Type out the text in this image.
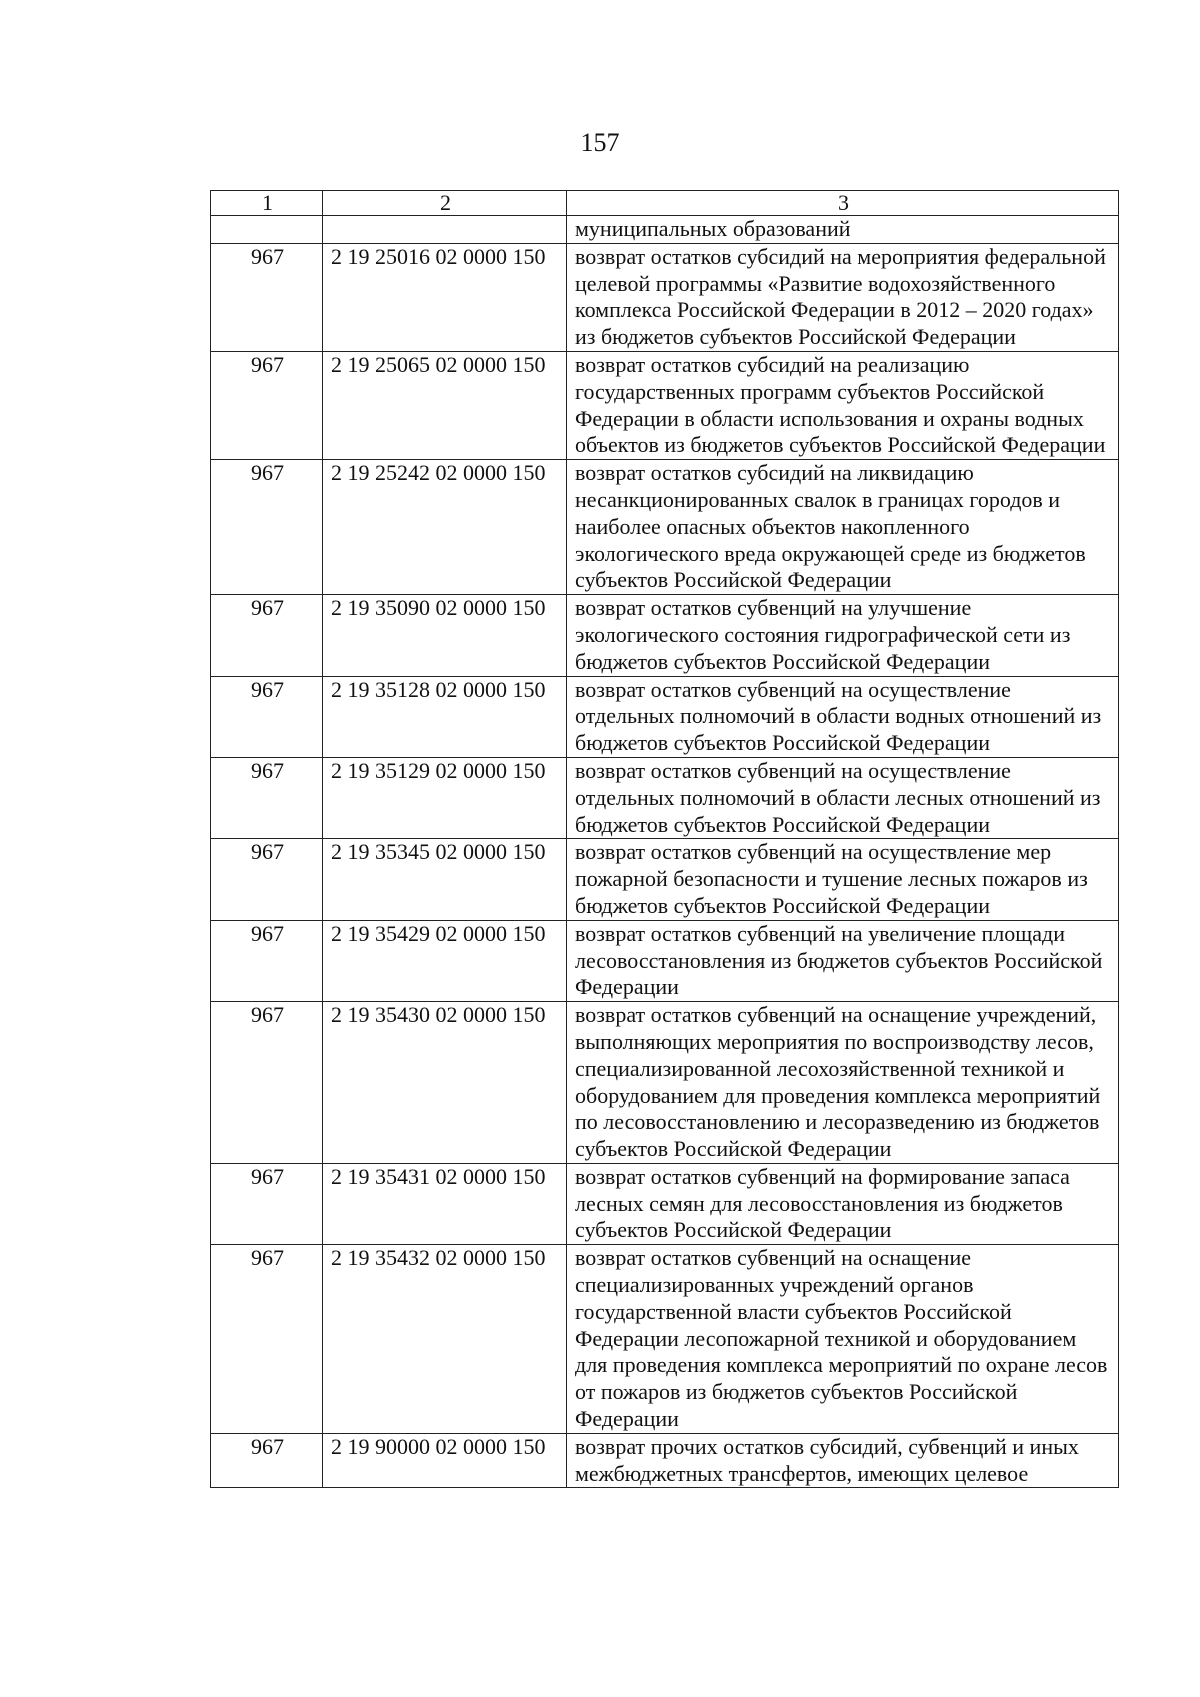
157
1	2	3
		муниципальных образований
967	2 19 25016 02 0000 150	возврат остатков субсидий на мероприятия федеральной целевой программы «Развитие водохозяйственного комплекса Российской Федерации в 2012 – 2020 годах» из бюджетов субъектов Российской Федерации
967	2 19 25065 02 0000 150	возврат остатков субсидий на реализацию государственных программ субъектов Российской Федерации в области использования и охраны водных объектов из бюджетов субъектов Российской Федерации
967	2 19 25242 02 0000 150	возврат остатков субсидий на ликвидацию несанкционированных свалок в границах городов и наиболее опасных объектов накопленного экологического вреда окружающей среде из бюджетов субъектов Российской Федерации
967	2 19 35090 02 0000 150	возврат остатков субвенций на улучшение экологического состояния гидрографической сети из бюджетов субъектов Российской Федерации
967	2 19 35128 02 0000 150	возврат остатков субвенций на осуществление отдельных полномочий в области водных отношений из бюджетов субъектов Российской Федерации
967	2 19 35129 02 0000 150	возврат остатков субвенций на осуществление отдельных полномочий в области лесных отношений из бюджетов субъектов Российской Федерации
967	2 19 35345 02 0000 150	возврат остатков субвенций на осуществление мер пожарной безопасности и тушение лесных пожаров из бюджетов субъектов Российской Федерации
967	2 19 35429 02 0000 150	возврат остатков субвенций на увеличение площади лесовосстановления из бюджетов субъектов Российской Федерации
967	2 19 35430 02 0000 150	возврат остатков субвенций на оснащение учреждений, выполняющих мероприятия по воспроизводству лесов, специализированной лесохозяйственной техникой и оборудованием для проведения комплекса мероприятий по лесовосстановлению и лесоразведению из бюджетов субъектов Российской Федерации
967	2 19 35431 02 0000 150	возврат остатков субвенций на формирование запаса лесных семян для лесовосстановления из бюджетов субъектов Российской Федерации
967	2 19 35432 02 0000 150	возврат остатков субвенций на оснащение специализированных учреждений органов государственной власти субъектов Российской Федерации лесопожарной техникой и оборудованием для проведения комплекса мероприятий по охране лесов от пожаров из бюджетов субъектов Российской Федерации
967	2 19 90000 02 0000 150	возврат прочих остатков субсидий, субвенций и иных межбюджетных трансфертов, имеющих целевое
